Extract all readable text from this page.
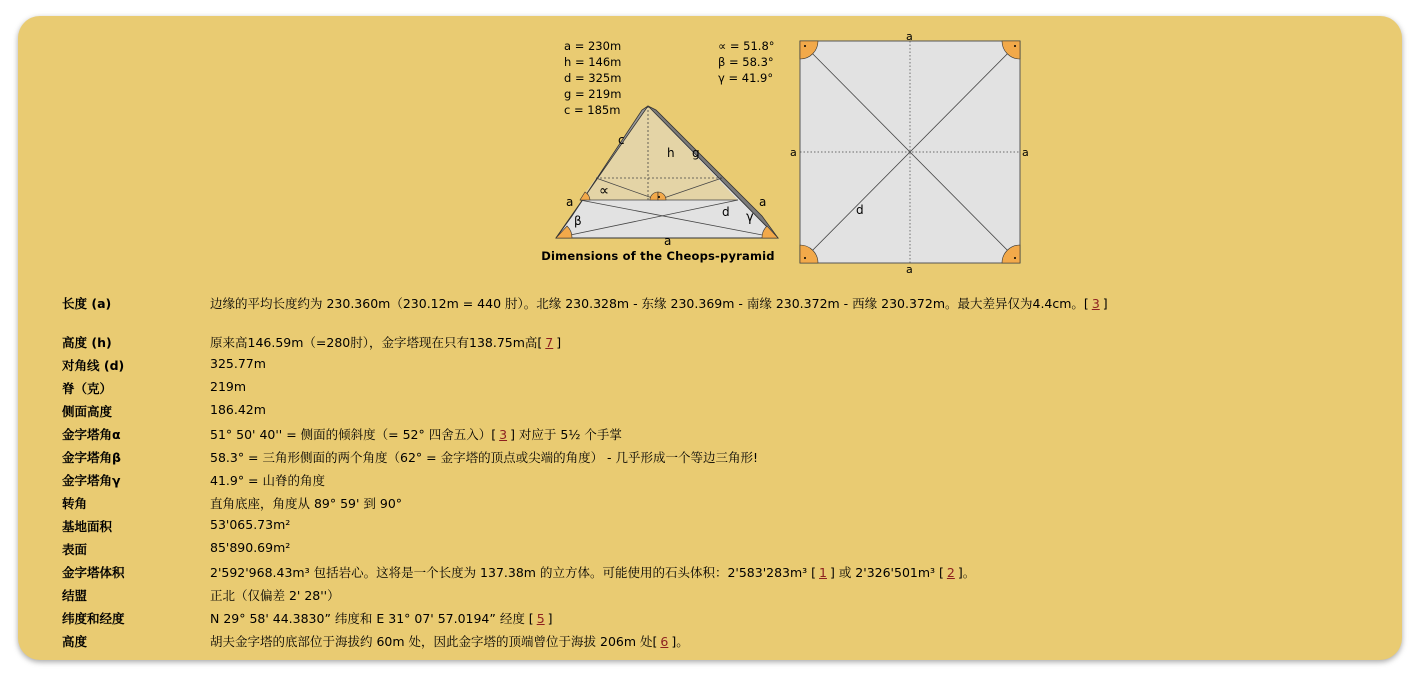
c
h g
∝
a	a
β
d γ
a
a
a
a	a
d
a = 230m
h = 146m
d = 325m
g = 219m
c = 185m
∝ = 51.8°
β = 58.3°
γ = 41.9°
Dimensions of the Cheops-pyramid
长度 (a)	边缘的平均长度约为 230.360m（230.12m = 440 肘）。北缘 230.328m - 东缘 230.369m - 南缘 230.372m - 西缘 230.372m。最大差异仅为4.4cm。[ 3 ]
高度 (h)	原来高146.59m（=280肘），金字塔现在只有138.75m高[ 7 ]
对角线 (d)	325.77m
脊（克）	219m
侧面高度	186.42m
金字塔角α	51° 50' 40'' = 侧面的倾斜度（= 52° 四舍五入）[ 3 ] 对应于 5½ 个手掌
金字塔角β	58.3° = 三角形侧面的两个角度（62° = 金字塔的顶点或尖端的角度） - 几乎形成一个等边三角形!
金字塔角γ	41.9° = 山脊的角度
转角	直角底座，角度从 89° 59' 到 90°
基地面积	53'065.73m²
表面	85'890.69m²
金字塔体积	2'592'968.43m³ 包括岩心。这将是一个长度为 137.38m 的立方体。可能使用的石头体积：2'583'283m³ [ 1 ] 或 2'326'501m³ [ 2 ]。
结盟	正北（仅偏差 2' 28''）
纬度和经度	N 29° 58' 44.3830” 纬度和 E 31° 07' 57.0194” 经度 [ 5 ]
高度	胡夫金字塔的底部位于海拔约 60m 处，因此金字塔的顶端曾位于海拔 206m 处[ 6 ]。
